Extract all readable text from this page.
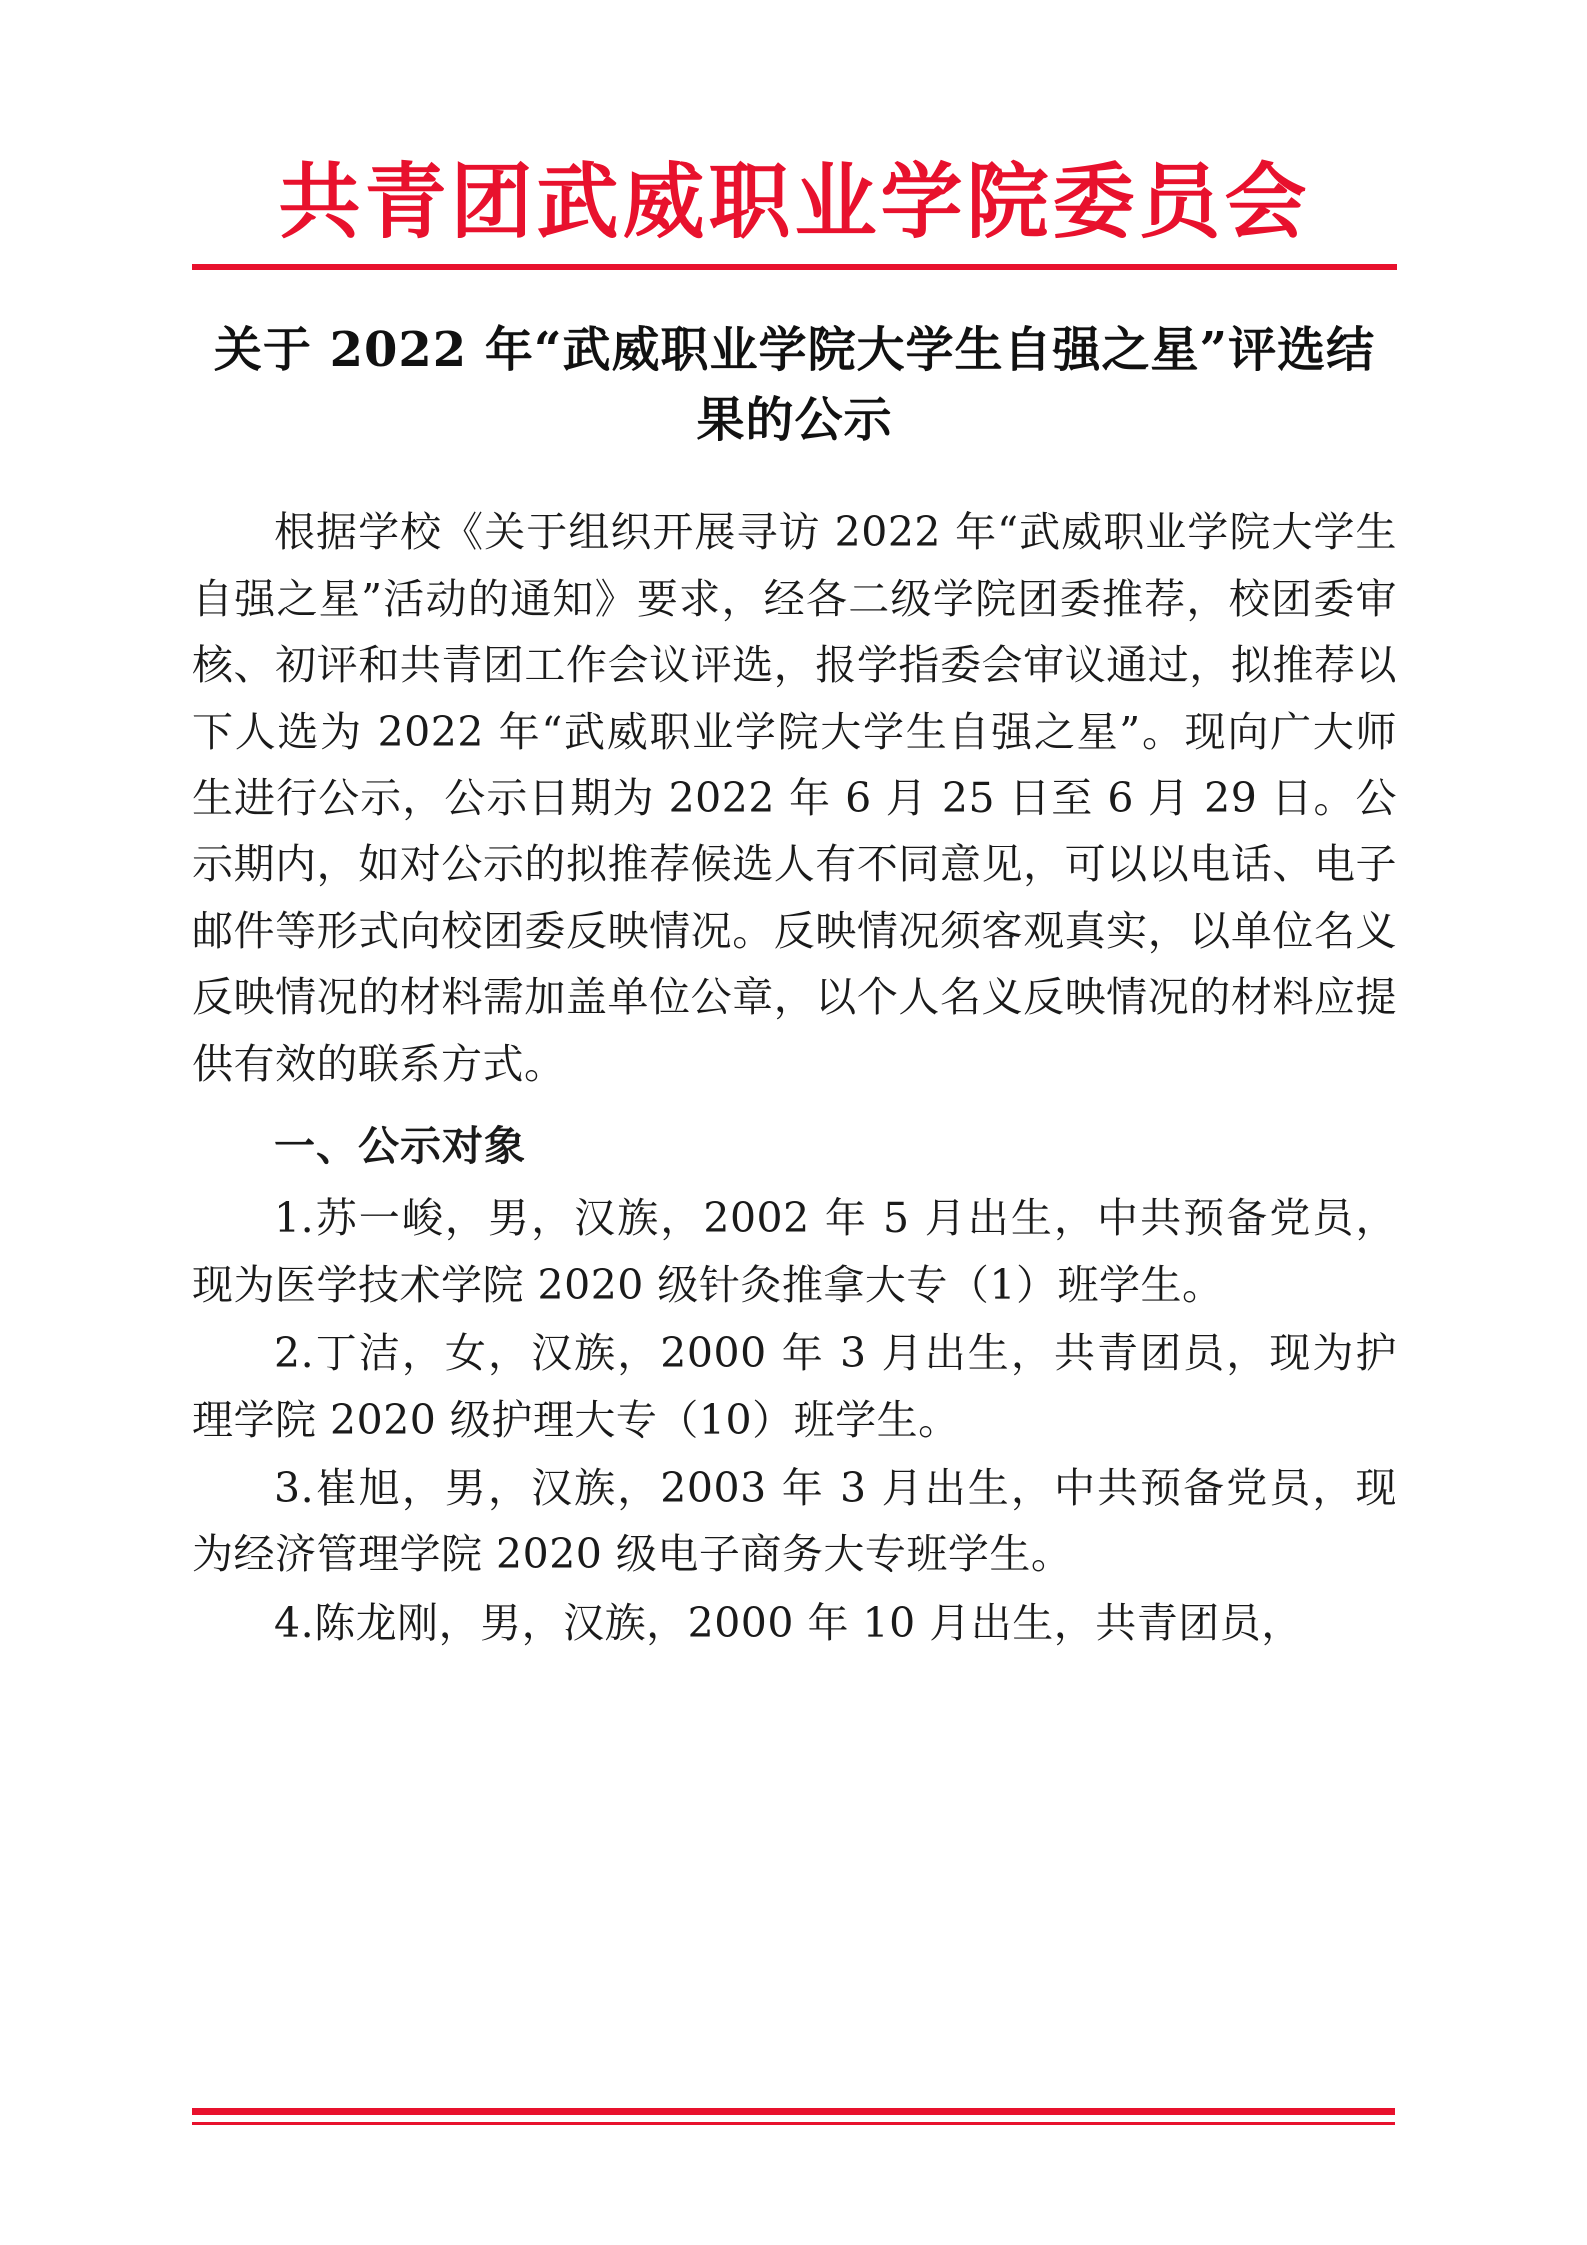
共青团武威职业学院委员会
关于 2022 年“武威职业学院大学生自强之星”评选结果的公示

根据学校《关于组织开展寻访 2022 年“武威职业学院大学生自强之星”活动的通知》要求，经各二级学院团委推荐，校团委审核、初评和共青团工作会议评选，报学指委会审议通过，拟推荐以下人选为 2022 年“武威职业学院大学生自强之星”。现向广大师生进行公示，公示日期为 2022 年 6 月 25 日至 6 月 29 日。公示期内，如对公示的拟推荐候选人有不同意见，可以以电话、电子邮件等形式向校团委反映情况。反映情况须客观真实，以单位名义反映情况的材料需加盖单位公章，以个人名义反映情况的材料应提供有效的联系方式。

一、公示对象

1.苏一峻，男，汉族，2002 年 5 月出生，中共预备党员，现为医学技术学院 2020 级针灸推拿大专（1）班学生。

2.丁洁，女，汉族，2000 年 3 月出生，共青团员，现为护理学院 2020 级护理大专（10）班学生。

3.崔旭，男，汉族，2003 年 3 月出生，中共预备党员，现为经济管理学院 2020 级电子商务大专班学生。

4.陈龙刚，男，汉族，2000 年 10 月出生，共青团员，
